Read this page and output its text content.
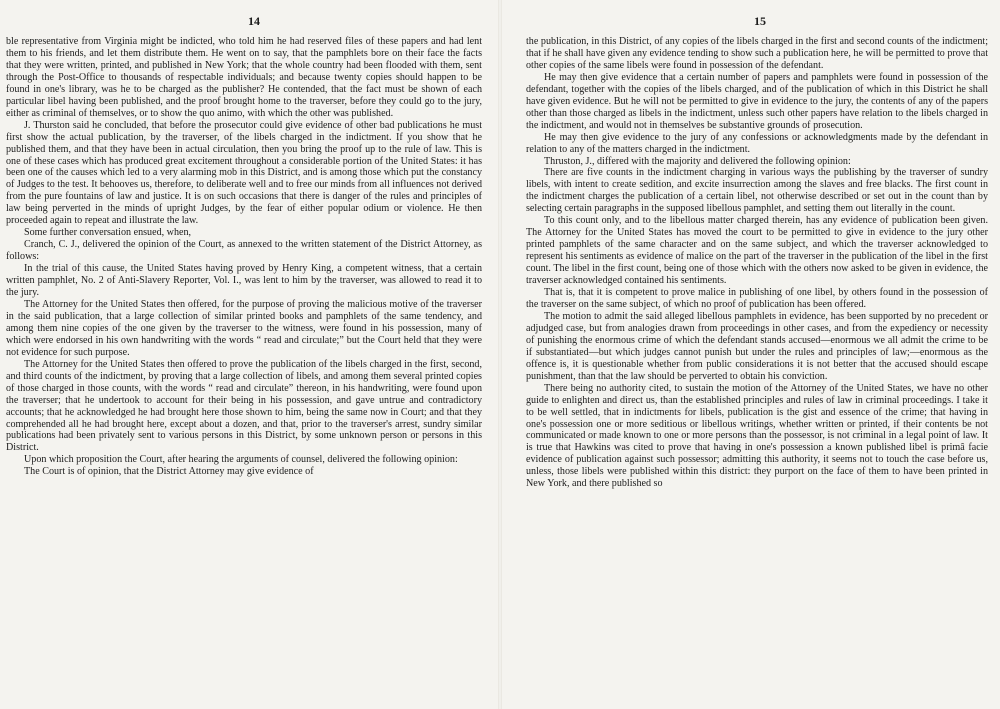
14

ble representative from Virginia might be indicted, who told him he had reserved files of these papers and had lent them to his friends, and let them distribute them. He went on to say, that the pamphlets bore on their face the facts that they were written, printed, and published in New York; that the whole country had been flooded with them, sent through the Post-Office to thousands of respectable individuals; and because twenty copies should happen to be found in one's library, was he to be charged as the publisher? He contended, that the fact must be shown of each particular libel having been published, and the proof brought home to the traverser, before they could go to the jury, either as criminal of themselves, or to show the quo animo, with which the other was published.

J. Thurston said he concluded, that before the prosecutor could give evidence of other bad publications he must first show the actual publication, by the traverser, of the libels charged in the indictment. If you show that he published them, and that they have been in actual circulation, then you bring the proof up to the rule of law. This is one of these cases which has produced great excitement throughout a considerable portion of the United States: it has been one of the causes which led to a very alarming mob in this District, and is among those which put the constancy of Judges to the test. It behooves us, therefore, to deliberate well and to free our minds from all influences not derived from the pure fountains of law and justice. It is on such occasions that there is danger of the rules and principles of law being perverted in the minds of upright Judges, by the fear of either popular odium or violence. He then proceeded again to repeat and illustrate the law.

Some further conversation ensued, when,

Cranch, C. J., delivered the opinion of the Court, as annexed to the written statement of the District Attorney, as follows:

In the trial of this cause, the United States having proved by Henry King, a competent witness, that a certain written pamphlet, No. 2 of Anti-Slavery Reporter, Vol. I., was lent to him by the traverser, was allowed to read it to the jury.

The Attorney for the United States then offered, for the purpose of proving the malicious motive of the traverser in the said publication, that a large collection of similar printed books and pamphlets of the same tendency, and among them nine copies of the one given by the traverser to the witness, were found in his possession, many of which were endorsed in his own handwriting with the words “ read and circulate;” but the Court held that they were not evidence for such purpose.

The Attorney for the United States then offered to prove the publication of the libels charged in the first, second, and third counts of the indictment, by proving that a large collection of libels, and among them several printed copies of those charged in those counts, with the words “ read and circulate” thereon, in his handwriting, were found upon the traverser; that he undertook to account for their being in his possession, and gave untrue and contradictory accounts; that he acknowledged he had brought here those shown to him, being the same now in Court; and that they comprehended all he had brought here, except about a dozen, and that, prior to the traverser's arrest, sundry similar publications had been privately sent to various persons in this District, by some unknown person or persons in this District.

Upon which proposition the Court, after hearing the arguments of counsel, delivered the following opinion:

The Court is of opinion, that the District Attorney may give evidence of

15

the publication, in this District, of any copies of the libels charged in the first and second counts of the indictment; that if he shall have given any evidence tending to show such a publication here, he will be permitted to prove that other copies of the same libels were found in possession of the defendant.

He may then give evidence that a certain number of papers and pamphlets were found in possession of the defendant, together with the copies of the libels charged, and of the publication of which in this District he shall have given evidence. But he will not be permitted to give in evidence to the jury, the contents of any of the papers other than those charged as libels in the indictment, unless such other papers have relation to the libels charged in the indictment, and would not in themselves be substantive grounds of prosecution.

He may then give evidence to the jury of any confessions or acknowledgments made by the defendant in relation to any of the matters charged in the indictment.

Thruston, J., differed with the majority and delivered the following opinion:

There are five counts in the indictment charging in various ways the publishing by the traverser of sundry libels, with intent to create sedition, and excite insurrection among the slaves and free blacks. The first count in the indictment charges the publication of a certain libel, not otherwise described or set out in the count than by selecting certain paragraphs in the supposed libellous pamphlet, and setting them out literally in the count.

To this count only, and to the libellous matter charged therein, has any evidence of publication been given. The Attorney for the United States has moved the court to be permitted to give in evidence to the jury other printed pamphlets of the same character and on the same subject, and which the traverser acknowledged to represent his sentiments as evidence of malice on the part of the traverser in the publication of the libel in the first count. The libel in the first count, being one of those which with the others now asked to be given in evidence, the traverser acknowledged contained his sentiments.

That is, that it is competent to prove malice in publishing of one libel, by others found in the possession of the traverser on the same subject, of which no proof of publication has been offered.

The motion to admit the said alleged libellous pamphlets in evidence, has been supported by no precedent or adjudged case, but from analogies drawn from proceedings in other cases, and from the expediency or necessity of punishing the enormous crime of which the defendant stands accused—enormous we all admit the crime to be if substantiated—but which judges cannot punish but under the rules and principles of law;—enormous as the offence is, it is questionable whether from public considerations it is not better that the accused should escape punishment, than that the law should be perverted to obtain his conviction.

There being no authority cited, to sustain the motion of the Attorney of the United States, we have no other guide to enlighten and direct us, than the established principles and rules of law in criminal proceedings. I take it to be well settled, that in indictments for libels, publication is the gist and essence of the crime; that having in one's possession one or more seditious or libellous writings, whether written or printed, if their contents be not communicated or made known to one or more persons than the possessor, is not criminal in a legal point of law. It is true that Hawkins was cited to prove that having in one's possession a known published libel is primâ facie evidence of publication against such possessor; admitting this authority, it seems not to touch the case before us, unless, those libels were published within this district: they purport on the face of them to have been printed in New York, and there published so
